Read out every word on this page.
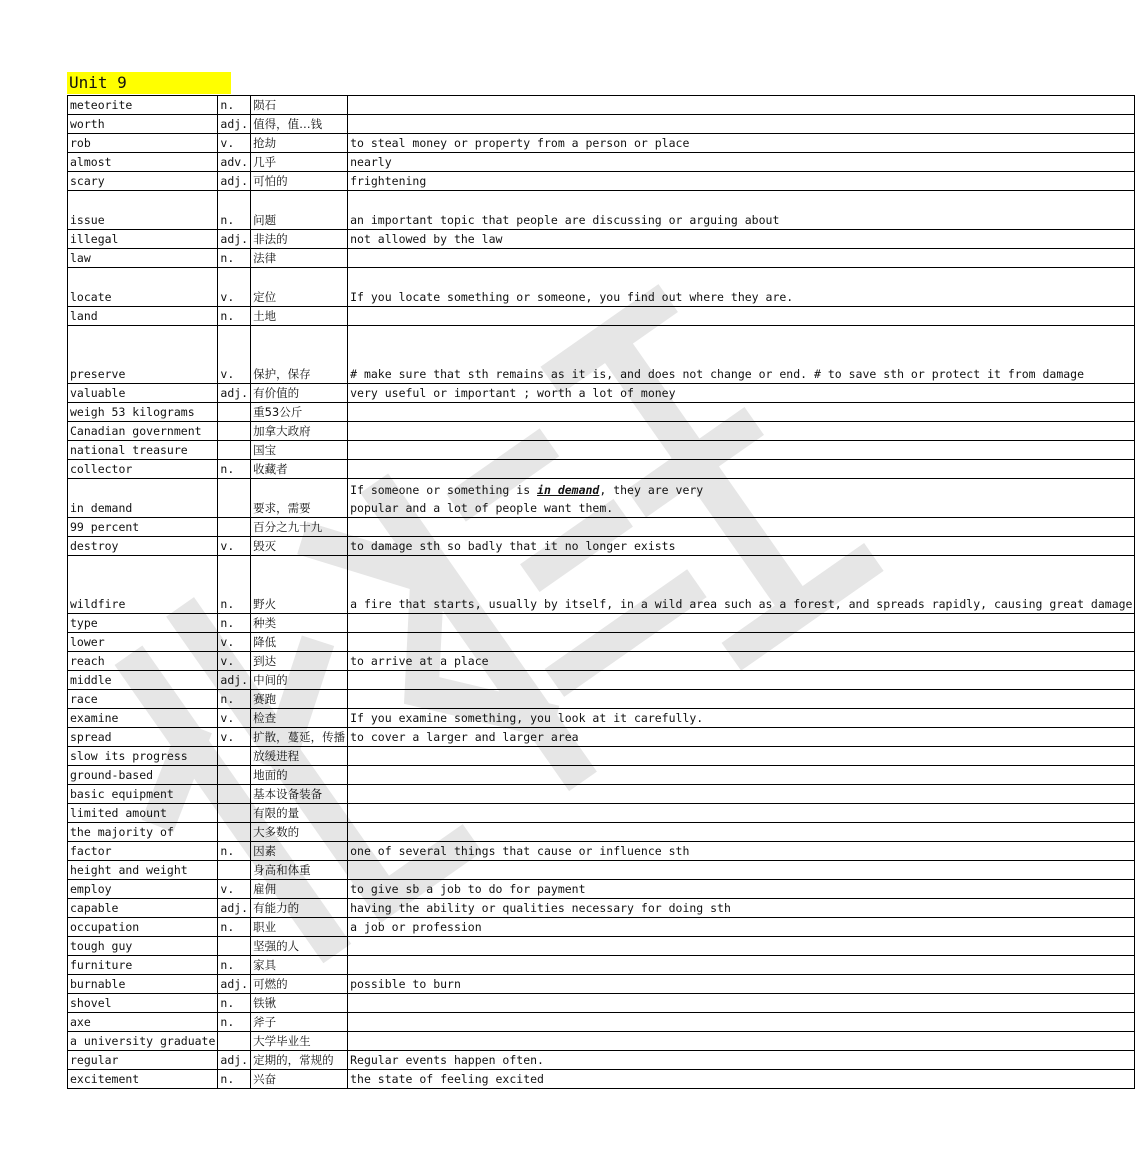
Unit 9
meteorite	n.	陨石	
worth	adj.	值得，值…钱	
rob	v.	抢劫	to steal money or property from a person or place
almost	adv.	几乎	nearly
scary	adj.	可怕的	frightening
issue	n.	问题	an important topic that people are discussing or arguing about
illegal	adj.	非法的	not allowed by the law
law	n.	法律	
locate	v.	定位	If you locate something or someone, you find out where they are.
land	n.	土地	
preserve	v.	保护，保存	# make sure that sth remains as it is, and does not change or end. # to save sth or protect it from damage
valuable	adj.	有价值的	very useful or important ; worth a lot of money
weigh 53 kilograms		重53公斤	
Canadian government		加拿大政府	
national treasure		国宝	
collector	n.	收藏者	
in demand		要求，需要	If someone or something is in demand, they are very
popular and a lot of people want them.
99 percent		百分之九十九	
destroy	v.	毁灭	to damage sth so badly that it no longer exists
wildfire	n.	野火	a fire that starts, usually by itself, in a wild area such as a forest, and spreads rapidly, causing great damage
type	n.	种类	
lower	v.	降低	
reach	v.	到达	to arrive at a place
middle	adj.	中间的	
race	n.	赛跑	
examine	v.	检查	If you examine something, you look at it carefully.
spread	v.	扩散，蔓延，传播	to cover a larger and larger area
slow its progress		放缓进程	
ground-based		地面的	
basic equipment		基本设备装备	
limited amount		有限的量	
the majority of		大多数的	
factor	n.	因素	one of several things that cause or influence sth
height and weight		身高和体重	
employ	v.	雇佣	to give sb a job to do for payment
capable	adj.	有能力的	having the ability or qualities necessary for doing sth
occupation	n.	职业	a job or profession
tough guy		坚强的人	
furniture	n.	家具	
burnable	adj.	可燃的	possible to burn
shovel	n.	铁锹	
axe	n.	斧子	
a university graduate		大学毕业生	
regular	adj.	定期的，常规的	Regular events happen often.
excitement	n.	兴奋	the state of feeling excited
